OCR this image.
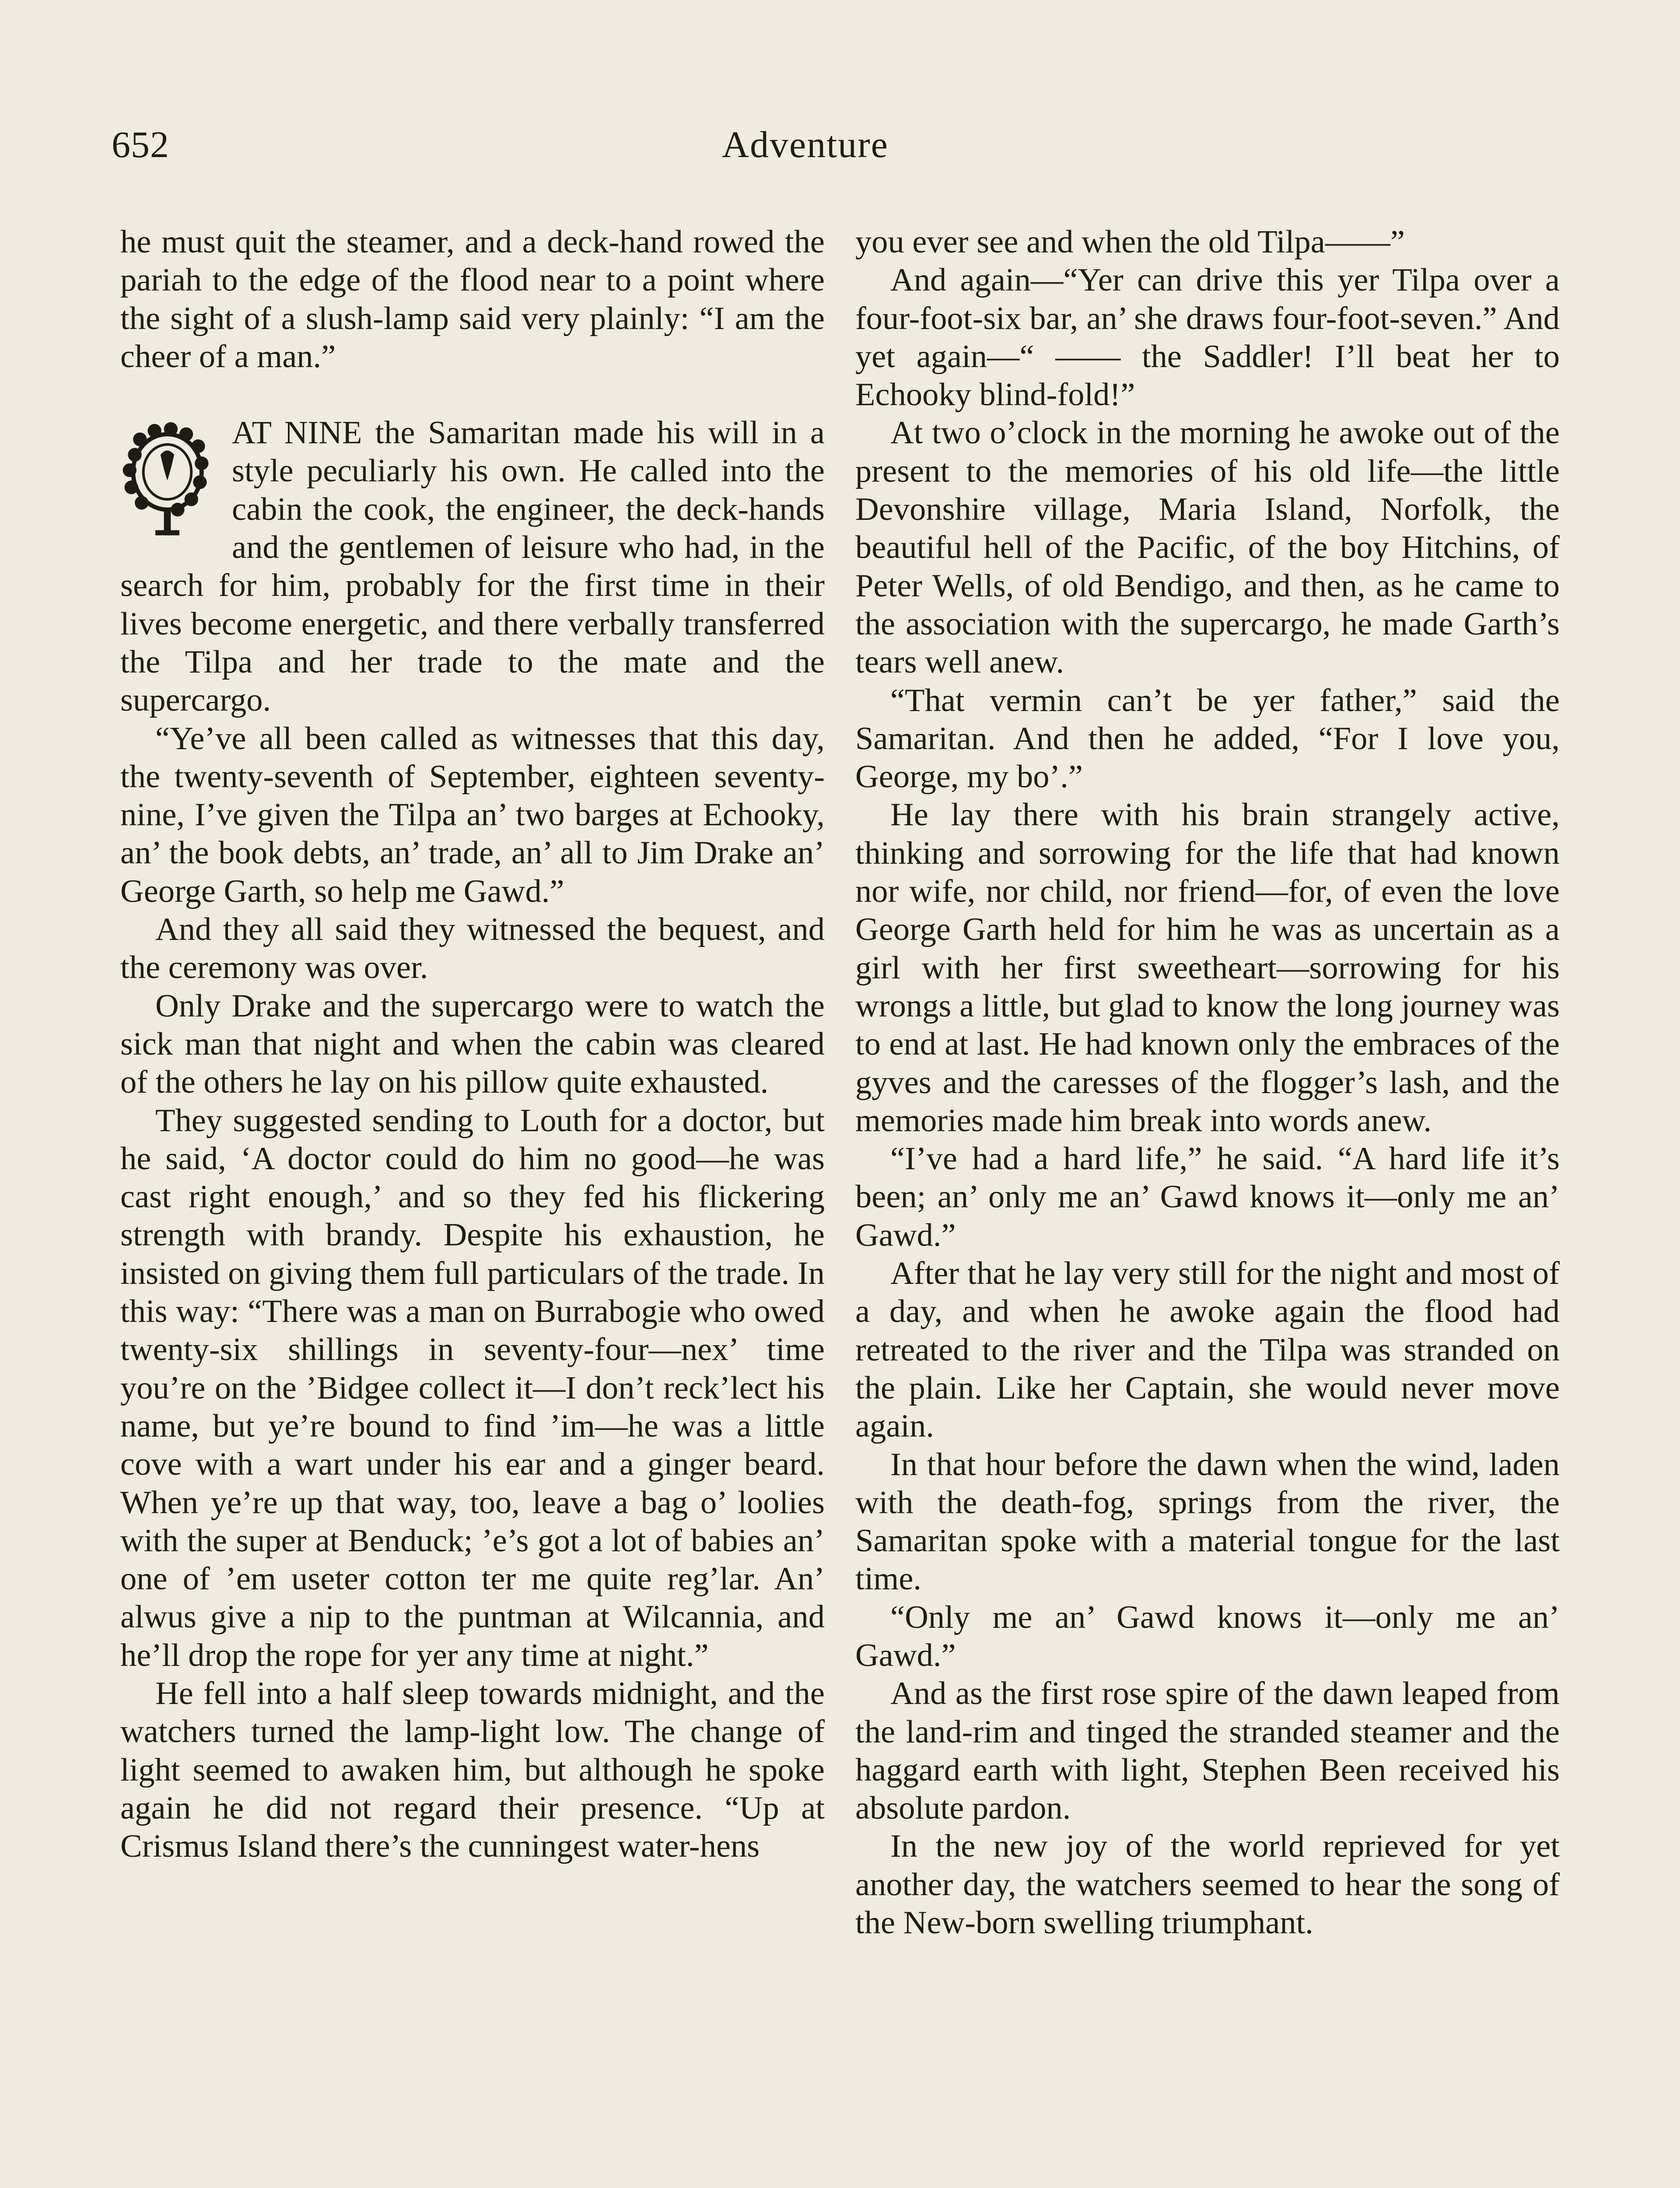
652	Adventure

he must quit the steamer, and a deck-hand rowed the pariah to the edge of the flood near to a point where the sight of a slush-lamp said very plainly: “I am the cheer of a man.”

AT NINE the Samaritan made his will in a style peculiarly his own. He called into the cabin the cook, the engineer, the deck-hands and the gentlemen of leisure who had, in the search for him, probably for the first time in their lives become energetic, and there verbally transferred the Tilpa and her trade to the mate and the supercargo.

“Ye’ve all been called as witnesses that this day, the twenty-seventh of September, eighteen seventy-nine, I’ve given the Tilpa an’ two barges at Echooky, an’ the book debts, an’ trade, an’ all to Jim Drake an’ George Garth, so help me Gawd.”

And they all said they witnessed the bequest, and the ceremony was over.

Only Drake and the supercargo were to watch the sick man that night and when the cabin was cleared of the others he lay on his pillow quite exhausted.

They suggested sending to Louth for a doctor, but he said, ‘A doctor could do him no good—he was cast right enough,’ and so they fed his flickering strength with brandy. Despite his exhaustion, he insisted on giving them full particulars of the trade. In this way: “There was a man on Burrabogie who owed twenty-six shillings in seventy-four—nex’ time you’re on the ’Bidgee collect it—I don’t reck’lect his name, but ye’re bound to find ’im—he was a little cove with a wart under his ear and a ginger beard. When ye’re up that way, too, leave a bag o’ loolies with the super at Benduck; ’e’s got a lot of babies an’ one of ’em useter cotton ter me quite reg’lar. An’ alwus give a nip to the puntman at Wilcannia, and he’ll drop the rope for yer any time at night.”

He fell into a half sleep towards midnight, and the watchers turned the lamp-light low. The change of light seemed to awaken him, but although he spoke again he did not regard their presence. “Up at Crismus Island there’s the cunningest water-hens

you ever see and when the old Tilpa——”

And again—“Yer can drive this yer Tilpa over a four-foot-six bar, an’ she draws four-foot-seven.” And yet again—“ —— the Saddler! I’ll beat her to Echooky blind-fold!”

At two o’clock in the morning he awoke out of the present to the memories of his old life—the little Devonshire village, Maria Island, Norfolk, the beautiful hell of the Pacific, of the boy Hitchins, of Peter Wells, of old Bendigo, and then, as he came to the association with the supercargo, he made Garth’s tears well anew.

“That vermin can’t be yer father,” said the Samaritan. And then he added, “For I love you, George, my bo’.”

He lay there with his brain strangely active, thinking and sorrowing for the life that had known nor wife, nor child, nor friend—for, of even the love George Garth held for him he was as uncertain as a girl with her first sweetheart—sorrowing for his wrongs a little, but glad to know the long journey was to end at last. He had known only the embraces of the gyves and the caresses of the flogger’s lash, and the memories made him break into words anew.

“I’ve had a hard life,” he said. “A hard life it’s been; an’ only me an’ Gawd knows it—only me an’ Gawd.”

After that he lay very still for the night and most of a day, and when he awoke again the flood had retreated to the river and the Tilpa was stranded on the plain. Like her Captain, she would never move again.

In that hour before the dawn when the wind, laden with the death-fog, springs from the river, the Samaritan spoke with a material tongue for the last time.

“Only me an’ Gawd knows it—only me an’ Gawd.”

And as the first rose spire of the dawn leaped from the land-rim and tinged the stranded steamer and the haggard earth with light, Stephen Been received his absolute pardon.

In the new joy of the world reprieved for yet another day, the watchers seemed to hear the song of the New-born swelling triumphant.
